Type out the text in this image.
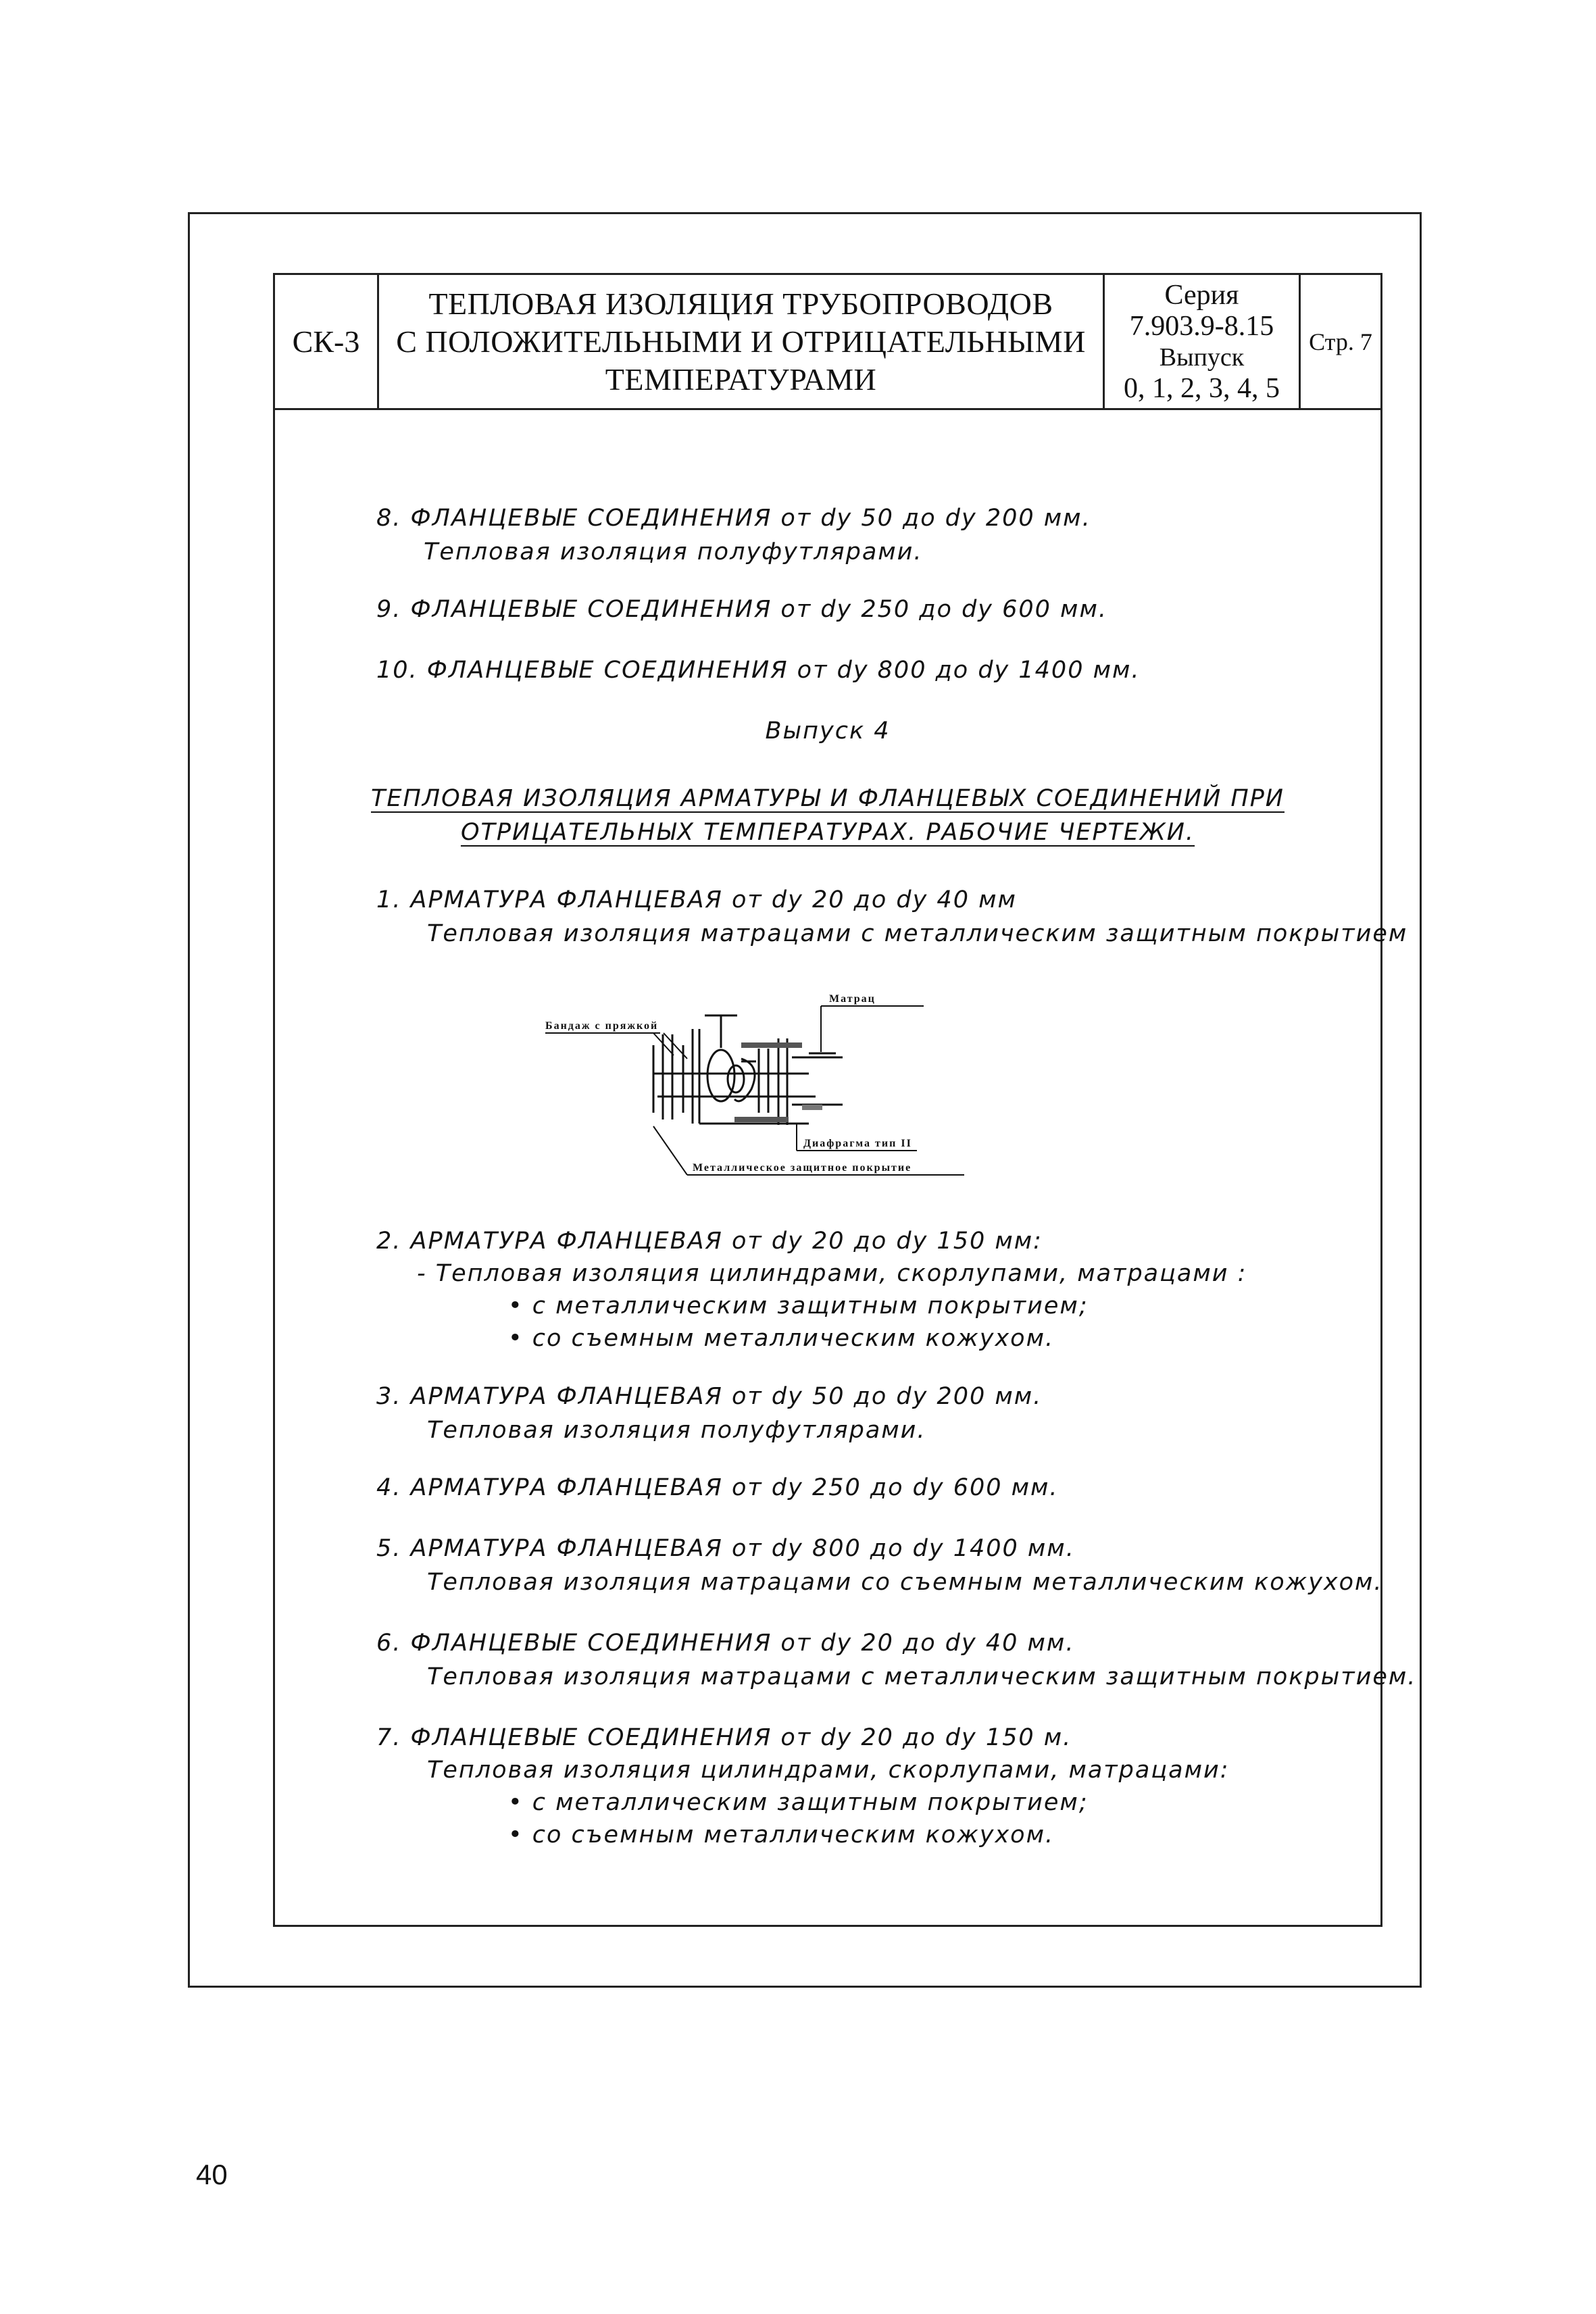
СК-3
ТЕПЛОВАЯ ИЗОЛЯЦИЯ ТРУБОПРОВОДОВ
С ПОЛОЖИТЕЛЬНЫМИ И ОТРИЦАТЕЛЬНЫМИ
ТЕМПЕРАТУРАМИ
Серия
7.903.9-8.15
Выпуск
0, 1, 2, 3, 4, 5
Стр. 7
8. ФЛАНЦЕВЫЕ СОЕДИНЕНИЯ от dy 50 до dy 200 мм.
Тепловая изоляция полуфутлярами.
9. ФЛАНЦЕВЫЕ СОЕДИНЕНИЯ от dy 250 до dy 600 мм.
10. ФЛАНЦЕВЫЕ СОЕДИНЕНИЯ от dy 800 до dy 1400 мм.
Выпуск 4
ТЕПЛОВАЯ ИЗОЛЯЦИЯ АРМАТУРЫ И ФЛАНЦЕВЫХ СОЕДИНЕНИЙ ПРИ
ОТРИЦАТЕЛЬНЫХ ТЕМПЕРАТУРАХ. РАБОЧИЕ ЧЕРТЕЖИ.
1. АРМАТУРА ФЛАНЦЕВАЯ от dy 20 до dy 40 мм
Тепловая изоляция матрацами с металлическим защитным покрытием
Матрац
Бандаж с пряжкой
Диафрагма тип II
Металлическое защитное покрытие
2. АРМАТУРА ФЛАНЦЕВАЯ от dy 20 до dy 150 мм:
- Тепловая изоляция цилиндрами, скорлупами, матрацами :
• с металлическим защитным покрытием;
• со съемным металлическим кожухом.
3. АРМАТУРА ФЛАНЦЕВАЯ от dy 50 до dy 200 мм.
Тепловая изоляция полуфутлярами.
4. АРМАТУРА ФЛАНЦЕВАЯ от dy 250 до dy 600 мм.
5. АРМАТУРА ФЛАНЦЕВАЯ от dy 800 до dy 1400 мм.
Тепловая изоляция матрацами со съемным металлическим кожухом.
6. ФЛАНЦЕВЫЕ СОЕДИНЕНИЯ от dy 20 до dy 40 мм.
Тепловая изоляция матрацами с металлическим защитным покрытием.
7. ФЛАНЦЕВЫЕ СОЕДИНЕНИЯ от dy 20 до dy 150 м.
Тепловая изоляция цилиндрами, скорлупами, матрацами:
• с металлическим защитным покрытием;
• со съемным металлическим кожухом.
40
